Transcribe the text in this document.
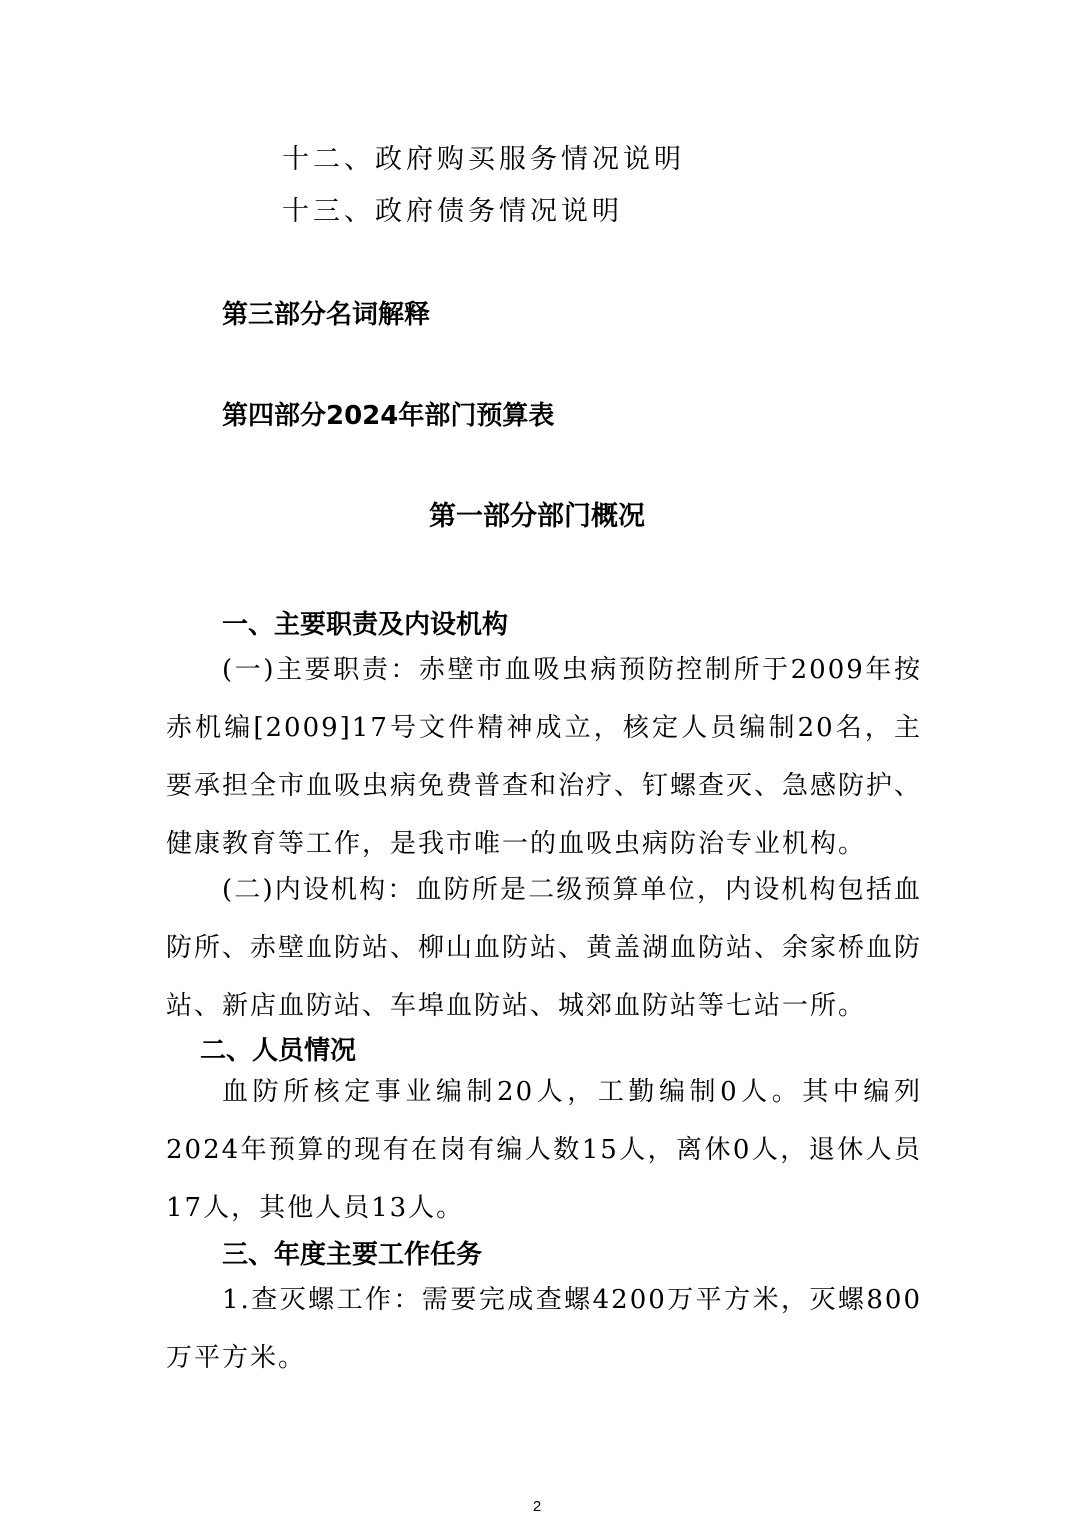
十二、政府购买服务情况说明
十三、政府债务情况说明
第三部分名词解释
第四部分2024年部门预算表
第一部分部门概况
一、主要职责及内设机构

(一)主要职责：赤壁市血吸虫病预防控制所于2009年按赤机编[2009]17号文件精神成立，核定人员编制20名，主要承担全市血吸虫病免费普查和治疗、钉螺查灭、急感防护、健康教育等工作，是我市唯一的血吸虫病防治专业机构。

(二)内设机构：血防所是二级预算单位，内设机构包括血防所、赤壁血防站、柳山血防站、黄盖湖血防站、余家桥血防站、新店血防站、车埠血防站、城郊血防站等七站一所。

二、人员情况

血防所核定事业编制20人，工勤编制0人。其中编列2024年预算的现有在岗有编人数15人，离休0人，退休人员17人，其他人员13人。

三、年度主要工作任务

1.查灭螺工作：需要完成查螺4200万平方米，灭螺800万平方米。

2
